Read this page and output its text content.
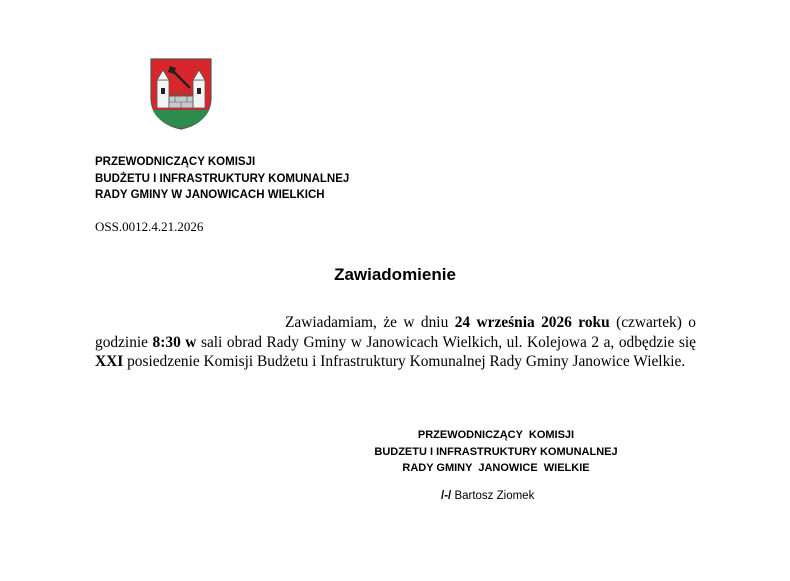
PRZEWODNICZĄCY KOMISJI
BUDŻETU I INFRASTRUKTURY KOMUNALNEJ
RADY GMINY W JANOWICACH WIELKICH
OSS.0012.4.21.2026
Zawiadomienie

Zawiadamiam, że w dniu 24 września 2026 roku (czwartek) o godzinie 8:30 w sali obrad Rady Gminy w Janowicach Wielkich, ul. Kolejowa 2 a, odbędzie się XXI posiedzenie Komisji Budżetu i Infrastruktury Komunalnej Rady Gminy Janowice Wielkie.

PRZEWODNICZĄCY  KOMISJI
BUDZETU I INFRASTRUKTURY KOMUNALNEJ
RADY GMINY  JANOWICE  WIELKIE
/-/ Bartosz Ziomek
